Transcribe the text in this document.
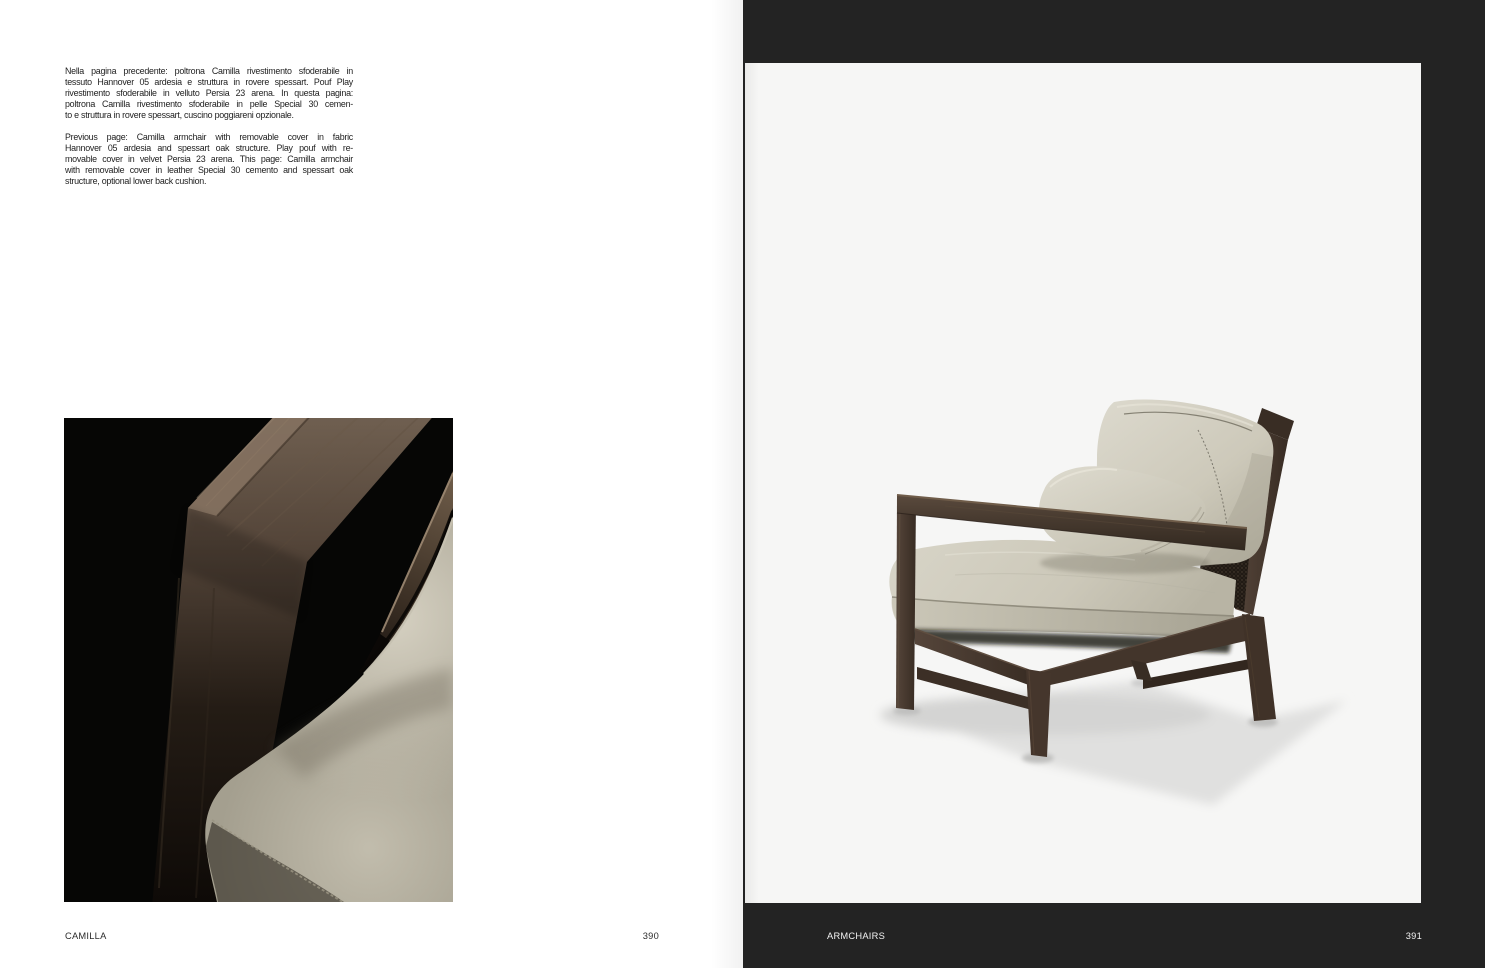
Nella pagina precedente: poltrona Camilla rivestimento sfoderabile in
tessuto Hannover 05 ardesia e struttura in rovere spessart. Pouf Play
rivestimento sfoderabile in velluto Persia 23 arena. In questa pagina:
poltrona Camilla rivestimento sfoderabile in pelle Special 30 cemen-
to e struttura in rovere spessart, cuscino poggiareni opzionale.

Previous page: Camilla armchair with removable cover in fabric
Hannover 05 ardesia and spessart oak structure. Play pouf with re-
movable cover in velvet Persia 23 arena. This page: Camilla armchair
with removable cover in leather Special 30 cemento and spessart oak
structure, optional lower back cushion.

CAMILLA	390	ARMCHAIRS	391
